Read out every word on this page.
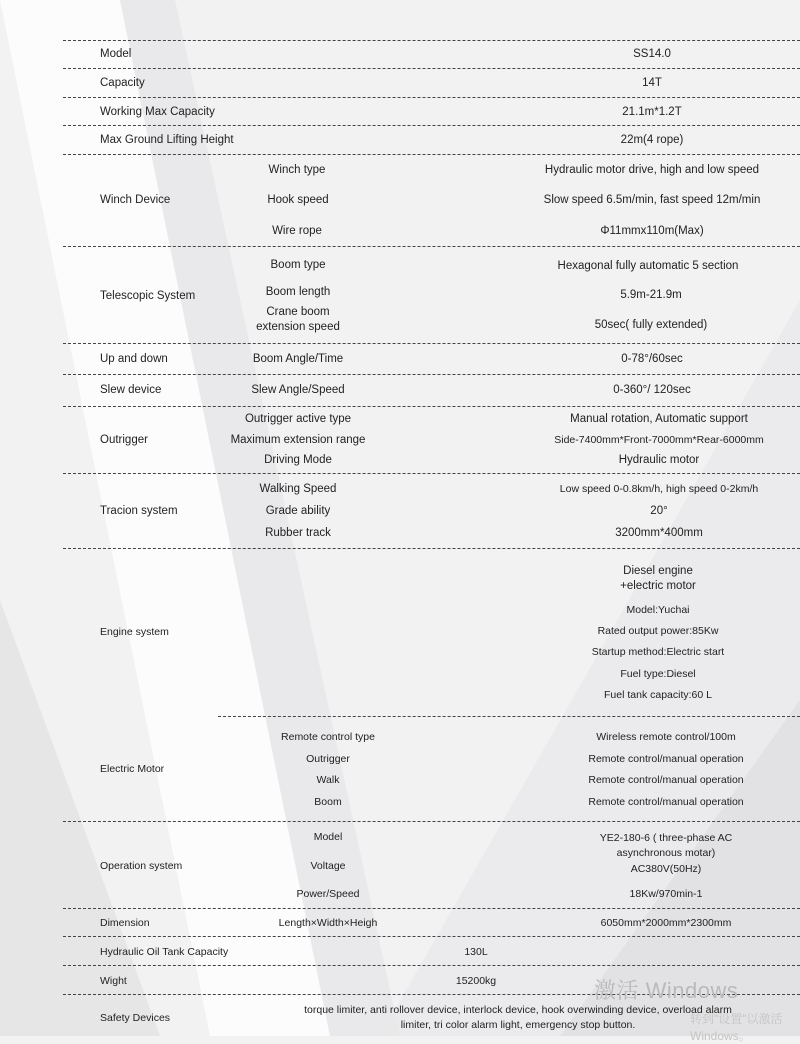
Model	SS14.0
Capacity	14T
Working Max Capacity	21.1m*1.2T
Max Ground Lifting Height	22m(4 rope)
Winch Device
Winch type	Hydraulic motor drive, high and low speed
Hook speed	Slow speed 6.5m/min, fast speed 12m/min
Wire rope	Φ11mmx110m(Max)
Telescopic System
Boom type	Hexagonal fully automatic 5 section
Boom length	5.9m-21.9m
Crane boom
extension speed	50sec( fully extended)
Up and down	Boom Angle/Time	0-78°/60sec
Slew device	Slew Angle/Speed	0-360°/ 120sec
Outrigger
Outrigger active type	Manual rotation, Automatic support
Maximum extension range	Side-7400mm*Front-7000mm*Rear-6000mm
Driving Mode	Hydraulic motor
Tracion system
Walking Speed	Low speed 0-0.8km/h, high speed 0-2km/h
Grade ability	20°
Rubber track	3200mm*400mm
Engine system
Diesel engine
+electric motor
Model:Yuchai
Rated output power:85Kw
Startup method:Electric start
Fuel type:Diesel
Fuel tank capacity:60 L
Electric Motor
Remote control type	Wireless remote control/100m
Outrigger	Remote control/manual operation
Walk	Remote control/manual operation
Boom	Remote control/manual operation
Operation system
Model	YE2-180-6 ( three-phase AC
asynchronous motar)
Voltage	AC380V(50Hz)
Power/Speed	18Kw/970min-1
Dimension	Length×Width×Heigh	6050mm*2000mm*2300mm
Hydraulic Oil Tank Capacity	130L
Wight	15200kg
Safety Devices
torque limiter, anti rollover device, interlock device, hook overwinding device, overload alarm
limiter, tri color alarm light, emergency stop button.
激活 Windows
转到"设置"以激活 Windows。
